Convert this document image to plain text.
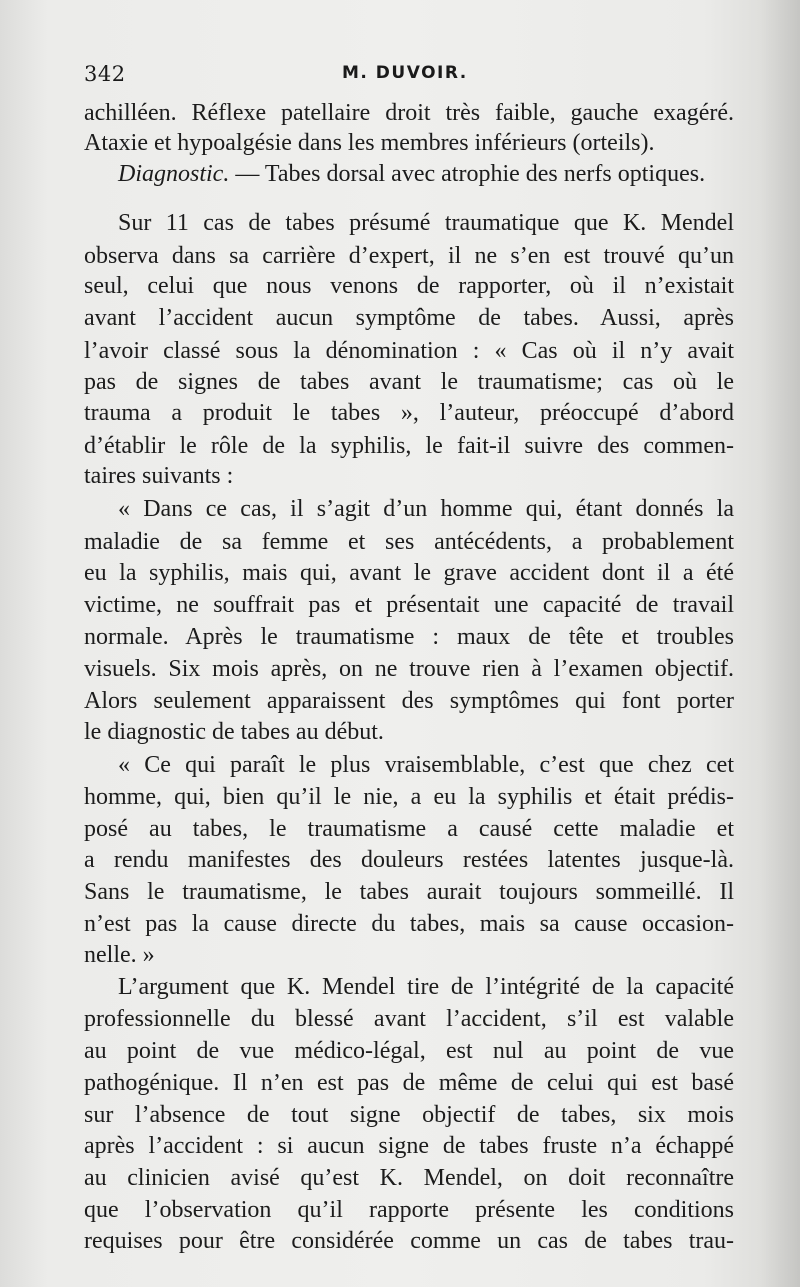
342	M. DUVOIR.
achilléen. Réflexe patellaire droit très faible, gauche exagéré.
Ataxie et hypoalgésie dans les membres inférieurs (orteils).
Diagnostic. — Tabes dorsal avec atrophie des nerfs optiques.
Sur 11 cas de tabes présumé traumatique que K. Mendel
observa dans sa carrière d’expert, il ne s’en est trouvé qu’un
seul, celui que nous venons de rapporter, où il n’existait
avant l’accident aucun symptôme de tabes. Aussi, après
l’avoir classé sous la dénomination : « Cas où il n’y avait
pas de signes de tabes avant le traumatisme; cas où le
trauma a produit le tabes », l’auteur, préoccupé d’abord
d’établir le rôle de la syphilis, le fait-il suivre des commen-
taires suivants :
« Dans ce cas, il s’agit d’un homme qui, étant donnés la
maladie de sa femme et ses antécédents, a probablement
eu la syphilis, mais qui, avant le grave accident dont il a été
victime, ne souffrait pas et présentait une capacité de travail
normale. Après le traumatisme : maux de tête et troubles
visuels. Six mois après, on ne trouve rien à l’examen objectif.
Alors seulement apparaissent des symptômes qui font porter
le diagnostic de tabes au début.
« Ce qui paraît le plus vraisemblable, c’est que chez cet
homme, qui, bien qu’il le nie, a eu la syphilis et était prédis-
posé au tabes, le traumatisme a causé cette maladie et
a rendu manifestes des douleurs restées latentes jusque-là.
Sans le traumatisme, le tabes aurait toujours sommeillé. Il
n’est pas la cause directe du tabes, mais sa cause occasion-
nelle. »
L’argument que K. Mendel tire de l’intégrité de la capacité
professionnelle du blessé avant l’accident, s’il est valable
au point de vue médico-légal, est nul au point de vue
pathogénique. Il n’en est pas de même de celui qui est basé
sur l’absence de tout signe objectif de tabes, six mois
après l’accident : si aucun signe de tabes fruste n’a échappé
au clinicien avisé qu’est K. Mendel, on doit reconnaître
que l’observation qu’il rapporte présente les conditions
requises pour être considérée comme un cas de tabes trau-
